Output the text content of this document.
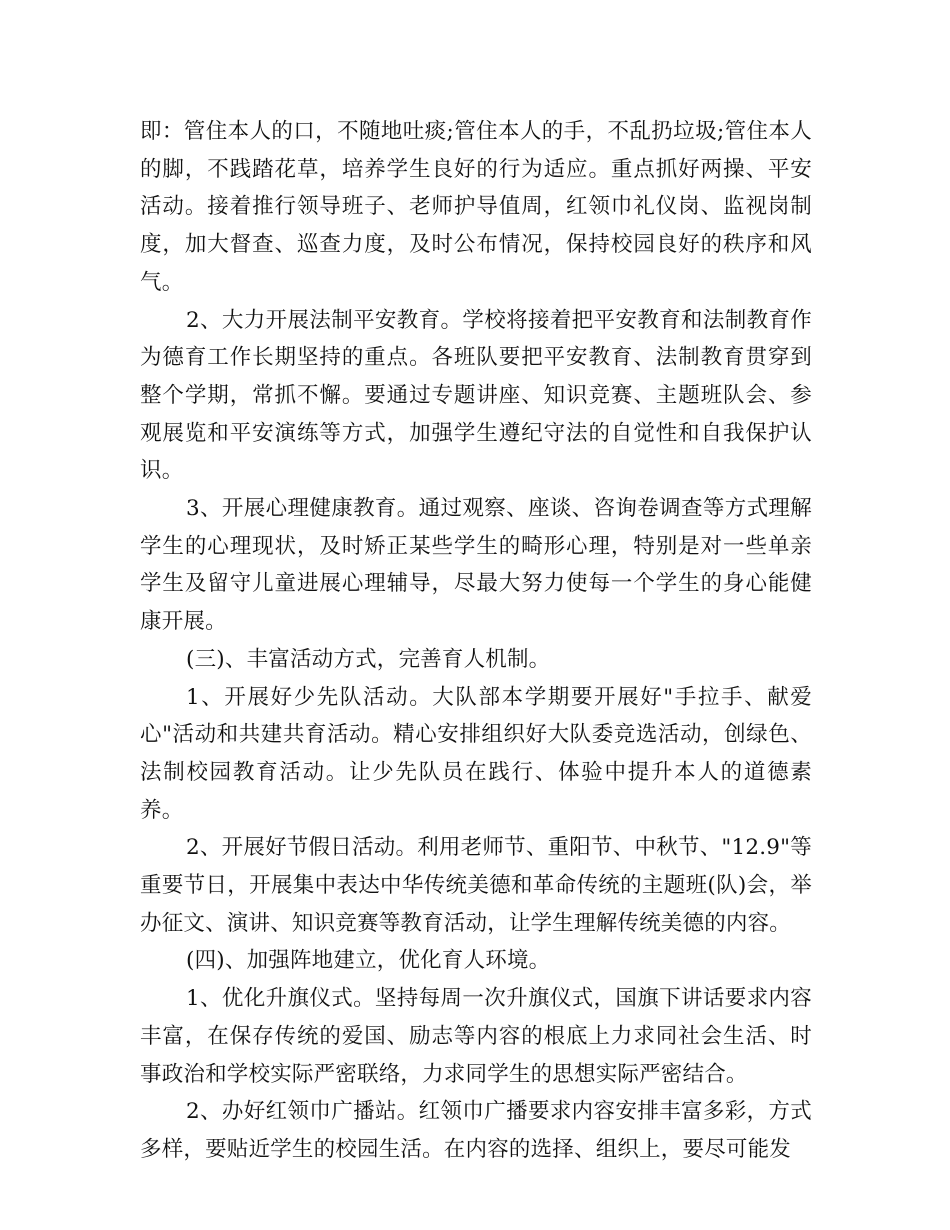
即：管住本人的口，不随地吐痰;管住本人的手，不乱扔垃圾;管住本人的脚，不践踏花草，培养学生良好的行为适应。重点抓好两操、平安活动。接着推行领导班子、老师护导值周，红领巾礼仪岗、监视岗制度，加大督查、巡查力度，及时公布情况，保持校园良好的秩序和风气。

2、大力开展法制平安教育。学校将接着把平安教育和法制教育作为德育工作长期坚持的重点。各班队要把平安教育、法制教育贯穿到整个学期，常抓不懈。要通过专题讲座、知识竞赛、主题班队会、参观展览和平安演练等方式，加强学生遵纪守法的自觉性和自我保护认识。

3、开展心理健康教育。通过观察、座谈、咨询卷调查等方式理解学生的心理现状，及时矫正某些学生的畸形心理，特别是对一些单亲学生及留守儿童进展心理辅导，尽最大努力使每一个学生的身心能健康开展。

(三)、丰富活动方式，完善育人机制。

1、开展好少先队活动。大队部本学期要开展好"手拉手、献爱心"活动和共建共育活动。精心安排组织好大队委竞选活动，创绿色、法制校园教育活动。让少先队员在践行、体验中提升本人的道德素养。

2、开展好节假日活动。利用老师节、重阳节、中秋节、"12.9"等重要节日，开展集中表达中华传统美德和革命传统的主题班(队)会，举办征文、演讲、知识竞赛等教育活动，让学生理解传统美德的内容。

(四)、加强阵地建立，优化育人环境。

1、优化升旗仪式。坚持每周一次升旗仪式，国旗下讲话要求内容丰富，在保存传统的爱国、励志等内容的根底上力求同社会生活、时事政治和学校实际严密联络，力求同学生的思想实际严密结合。

2、办好红领巾广播站。红领巾广播要求内容安排丰富多彩，方式多样，要贴近学生的校园生活。在内容的选择、组织上，要尽可能发
